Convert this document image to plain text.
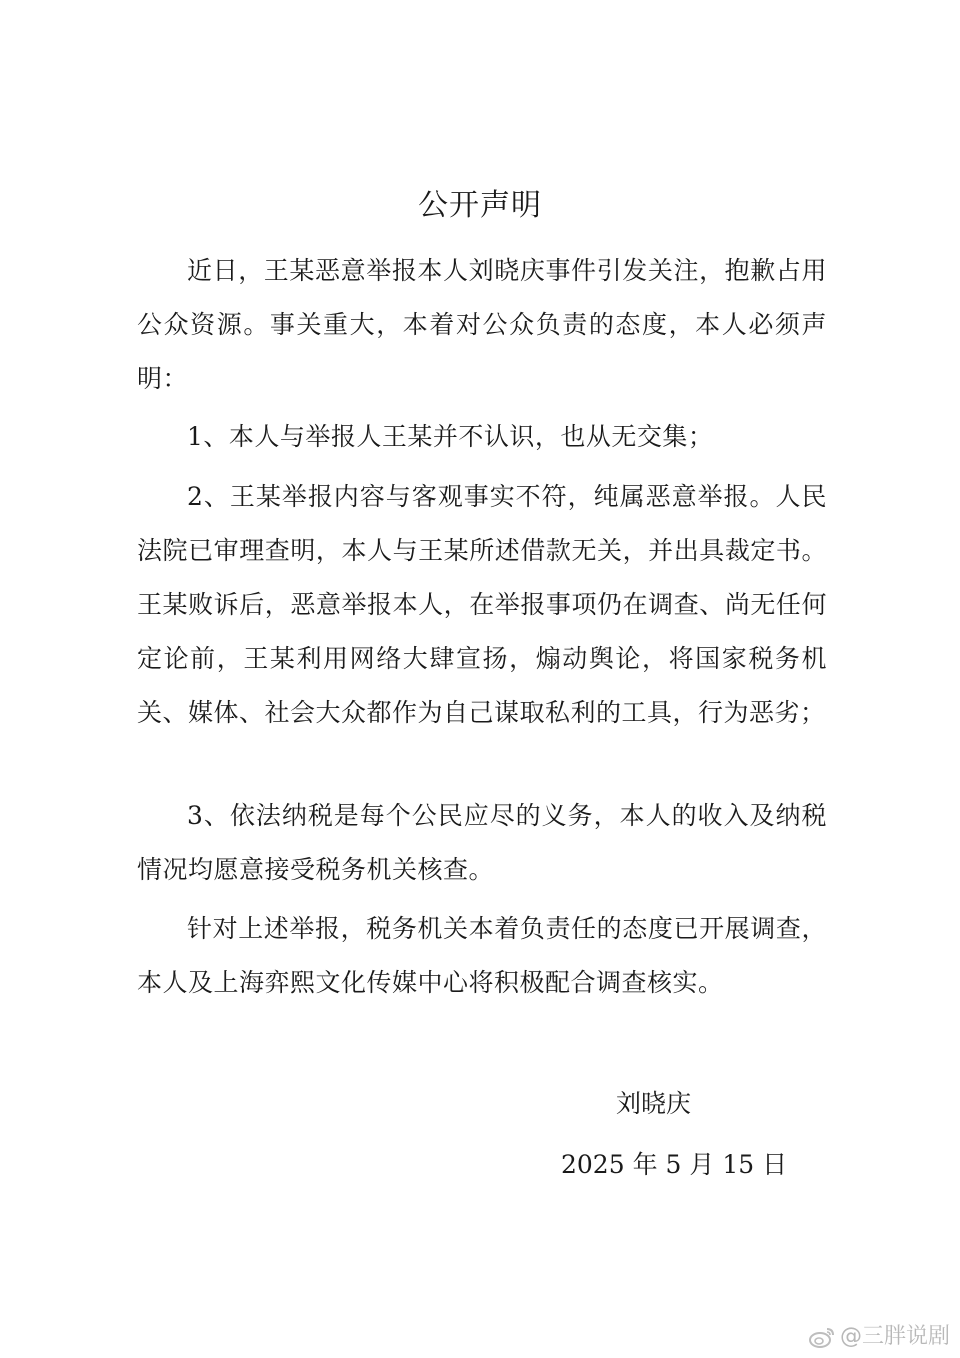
公开声明

近日，王某恶意举报本人刘晓庆事件引发关注，抱歉占用公众资源。事关重大，本着对公众负责的态度，本人必须声明：

1、本人与举报人王某并不认识，也从无交集；

2、王某举报内容与客观事实不符，纯属恶意举报。人民法院已审理查明，本人与王某所述借款无关，并出具裁定书。王某败诉后，恶意举报本人，在举报事项仍在调查、尚无任何定论前，王某利用网络大肆宣扬，煽动舆论，将国家税务机关、媒体、社会大众都作为自己谋取私利的工具，行为恶劣；

3、依法纳税是每个公民应尽的义务，本人的收入及纳税情况均愿意接受税务机关核查。

针对上述举报，税务机关本着负责任的态度已开展调查，本人及上海弈熙文化传媒中心将积极配合调查核实。

刘晓庆
2025 年 5 月 15 日
@三胖说剧
